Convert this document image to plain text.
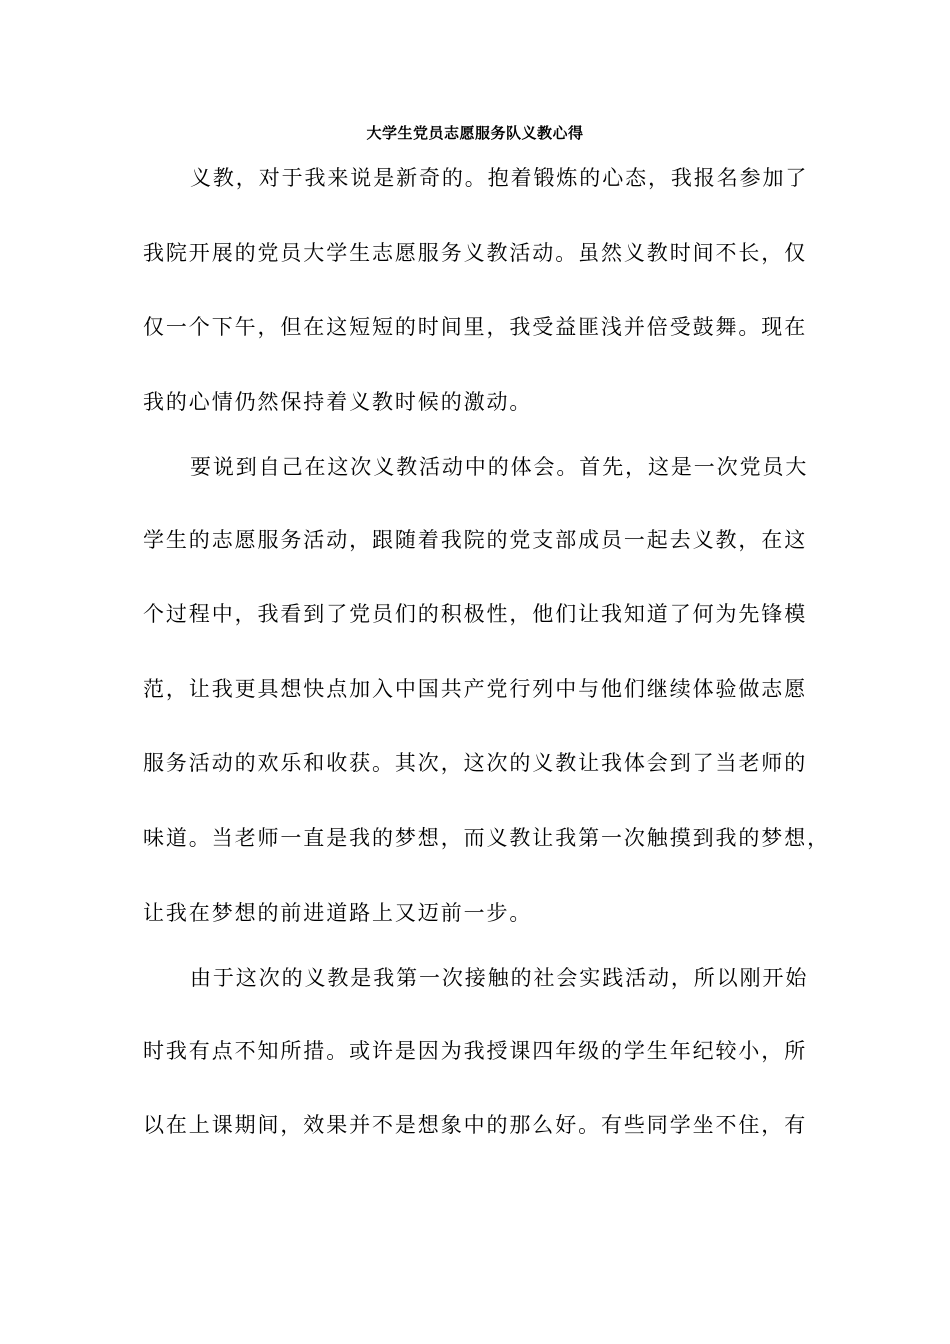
大学生党员志愿服务队义教心得
义教，对于我来说是新奇的。抱着锻炼的心态，我报名参加了
我院开展的党员大学生志愿服务义教活动。虽然义教时间不长，仅
仅一个下午，但在这短短的时间里，我受益匪浅并倍受鼓舞。现在
我的心情仍然保持着义教时候的激动。
要说到自己在这次义教活动中的体会。首先，这是一次党员大
学生的志愿服务活动，跟随着我院的党支部成员一起去义教，在这
个过程中，我看到了党员们的积极性，他们让我知道了何为先锋模
范，让我更具想快点加入中国共产党行列中与他们继续体验做志愿
服务活动的欢乐和收获。其次，这次的义教让我体会到了当老师的
味道。当老师一直是我的梦想，而义教让我第一次触摸到我的梦想，
让我在梦想的前进道路上又迈前一步。
由于这次的义教是我第一次接触的社会实践活动，所以刚开始
时我有点不知所措。或许是因为我授课四年级的学生年纪较小，所
以在上课期间，效果并不是想象中的那么好。有些同学坐不住，有
